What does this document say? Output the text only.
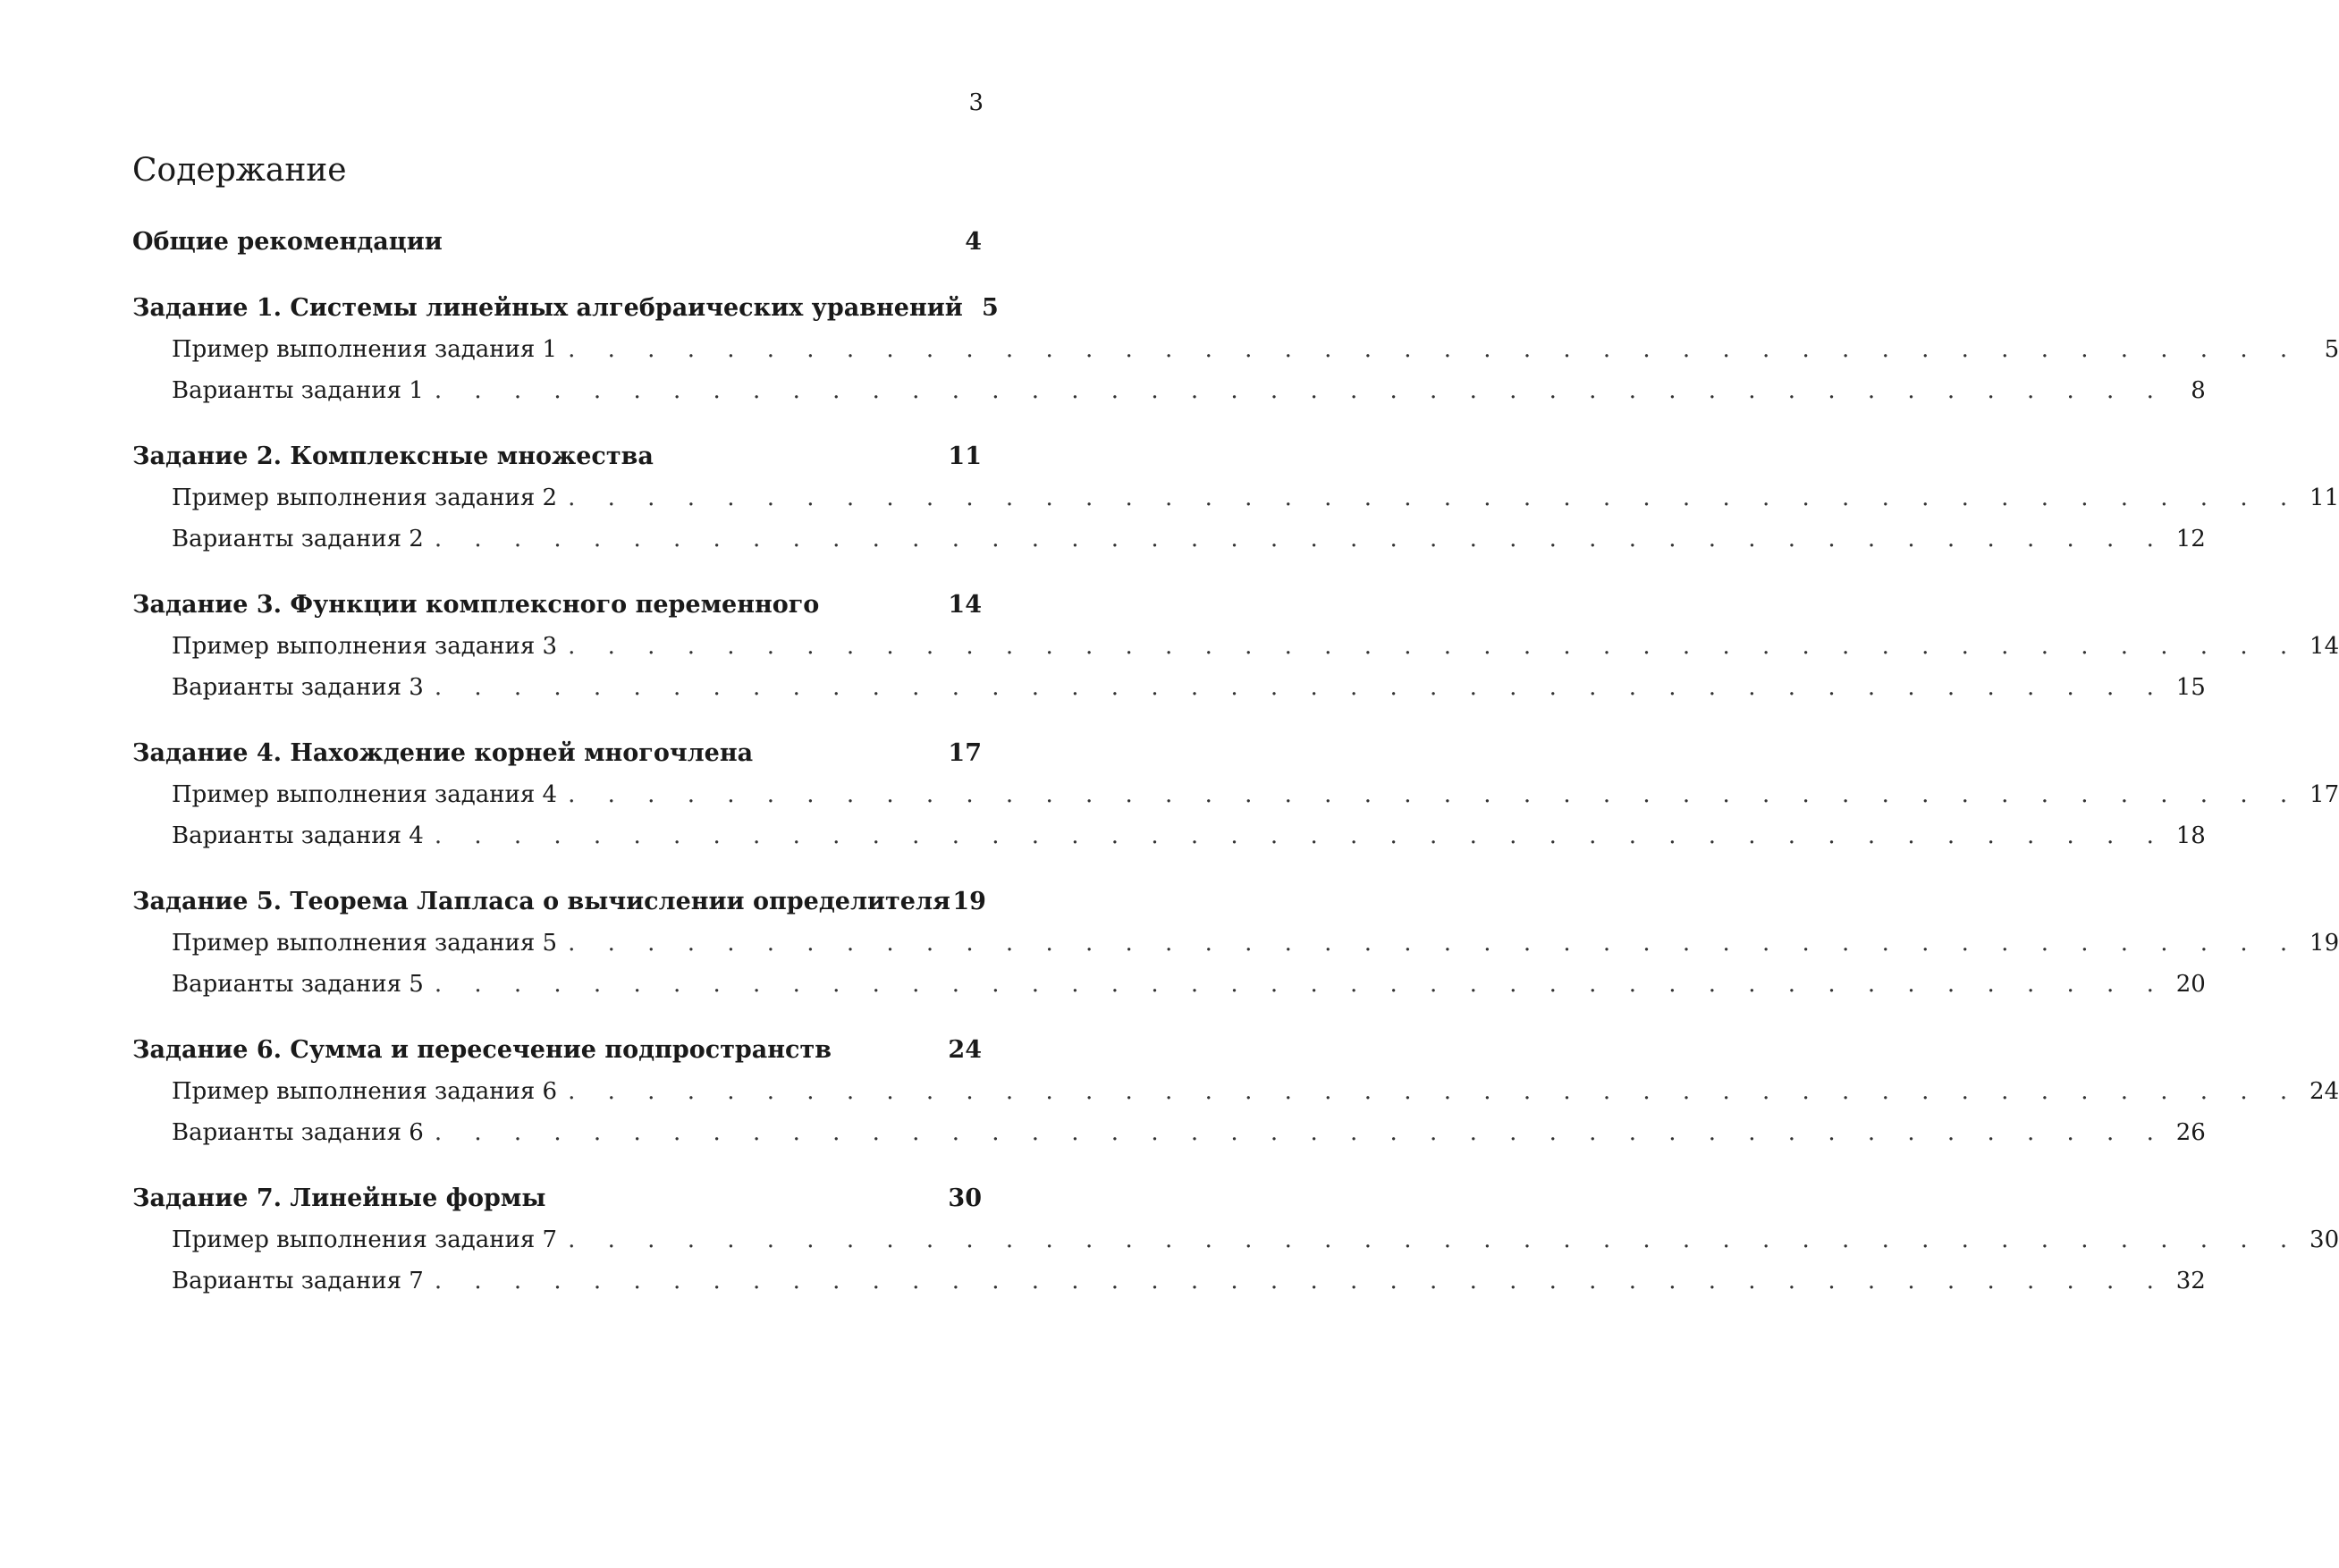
3
Содержание
Общие рекомендации	4
Задание 1. Системы линейных алгебраических уравнений 5
Пример выполнения задания 1 . . . . . . . . . . . . . . . . . . . . . . . . . . . . . . . . . . . . . . . . . . . .	5
Варианты задания 1 . . . . . . . . . . . . . . . . . . . . . . . . . . . . . . . . . . . . . . . . . . . .	8
Задание 2. Комплексные множества	11
Пример выполнения задания 2 . . . . . . . . . . . . . . . . . . . . . . . . . . . . . . . . . . . . . . . . . . . . 11
Варианты задания 2 . . . . . . . . . . . . . . . . . . . . . . . . . . . . . . . . . . . . . . . . . . . . 12
Задание 3. Функции комплексного переменного	14
Пример выполнения задания 3 . . . . . . . . . . . . . . . . . . . . . . . . . . . . . . . . . . . . . . . . . . . . 14
Варианты задания 3 . . . . . . . . . . . . . . . . . . . . . . . . . . . . . . . . . . . . . . . . . . . . 15
Задание 4. Нахождение корней многочлена	17
Пример выполнения задания 4 . . . . . . . . . . . . . . . . . . . . . . . . . . . . . . . . . . . . . . . . . . . . 17
Варианты задания 4 . . . . . . . . . . . . . . . . . . . . . . . . . . . . . . . . . . . . . . . . . . . . 18
Задание 5. Теорема Лапласа о вычислении определителя 19
Пример выполнения задания 5 . . . . . . . . . . . . . . . . . . . . . . . . . . . . . . . . . . . . . . . . . . . . 19
Варианты задания 5 . . . . . . . . . . . . . . . . . . . . . . . . . . . . . . . . . . . . . . . . . . . . 20
Задание 6. Сумма и пересечение подпространств	24
Пример выполнения задания 6 . . . . . . . . . . . . . . . . . . . . . . . . . . . . . . . . . . . . . . . . . . . . 24
Варианты задания 6 . . . . . . . . . . . . . . . . . . . . . . . . . . . . . . . . . . . . . . . . . . . . 26
Задание 7. Линейные формы	30
Пример выполнения задания 7 . . . . . . . . . . . . . . . . . . . . . . . . . . . . . . . . . . . . . . . . . . . . 30
Варианты задания 7 . . . . . . . . . . . . . . . . . . . . . . . . . . . . . . . . . . . . . . . . . . . . 32
